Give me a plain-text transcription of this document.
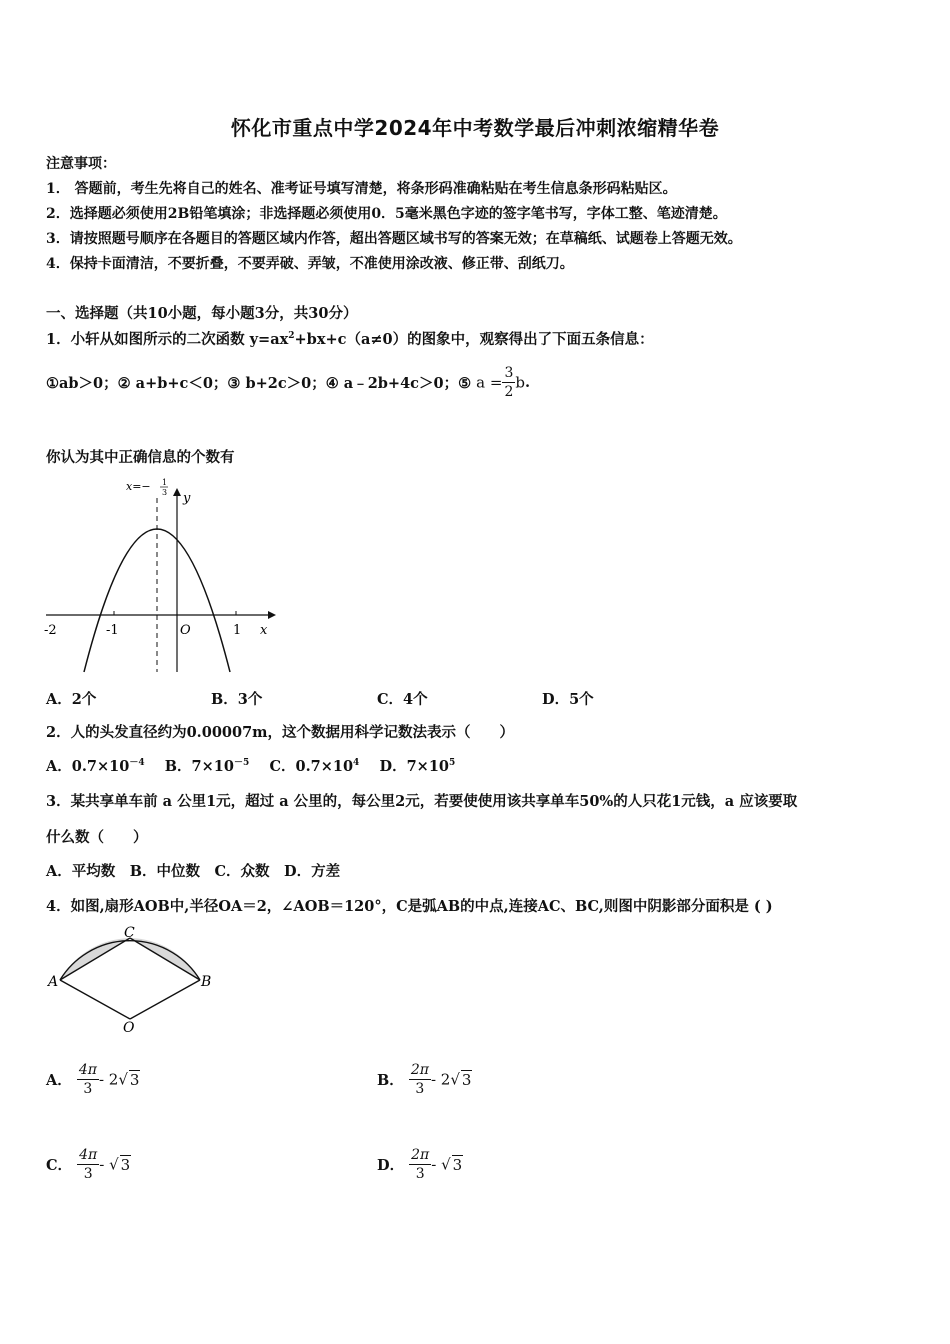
怀化市重点中学2024年中考数学最后冲刺浓缩精华卷
注意事项：
1． 答题前，考生先将自己的姓名、准考证号填写清楚，将条形码准确粘贴在考生信息条形码粘贴区。
2．选择题必须使用2B铅笔填涂；非选择题必须使用0．5毫米黑色字迹的签字笔书写，字体工整、笔迹清楚。
3．请按照题号顺序在各题目的答题区域内作答，超出答题区域书写的答案无效；在草稿纸、试题卷上答题无效。
4．保持卡面清洁，不要折叠，不要弄破、弄皱，不准使用涂改液、修正带、刮纸刀。
一、选择题（共10小题，每小题3分，共30分）
1．小轩从如图所示的二次函数 $y=ax^2+bx+c(a\ne 0)$的图象中，观察得出了下面五条信息：
①ab＞0；② a+b+c＜0；③ b+2c＞0；④ a﹣2b+4c＞0；⑤ $a = \frac{3}{2} b$.
你认为其中正确信息的个数有
-2	-1	1
O	x
y
x=− 1
3
A．2个	B．3个	C．4个	D．5个
2．人的头发直径约为0.00007m，这个数据用科学记数法表示（　　）
A．$0.7\times 10^{-4}$ B．$7\times 10^{-5}$ C．$0.7\times 10^4$ D．$7\times 10^5$
3．某共享单车前 a 公里1元，超过 a 公里的，每公里2元，若要使使用该共享单车50%的人只花1元钱，a 应该要取
什么数（　　）
A．平均数　B．中位数　C．众数　D．方差
4．如图,扇形AOB中,半径OA＝2，∠AOB＝120°，C是弧AB的中点,连接AC、BC,则图中阴影部分面积是 ( )
A	B
C
O
A． $\frac{4\pi}{3} - 2√$ 3	B． $\frac{2\pi}{3} - 2√$ 3
C． $\frac{4\pi}{3}$ - √ 3	D． $\frac{2\pi}{3}$ - √ 3
